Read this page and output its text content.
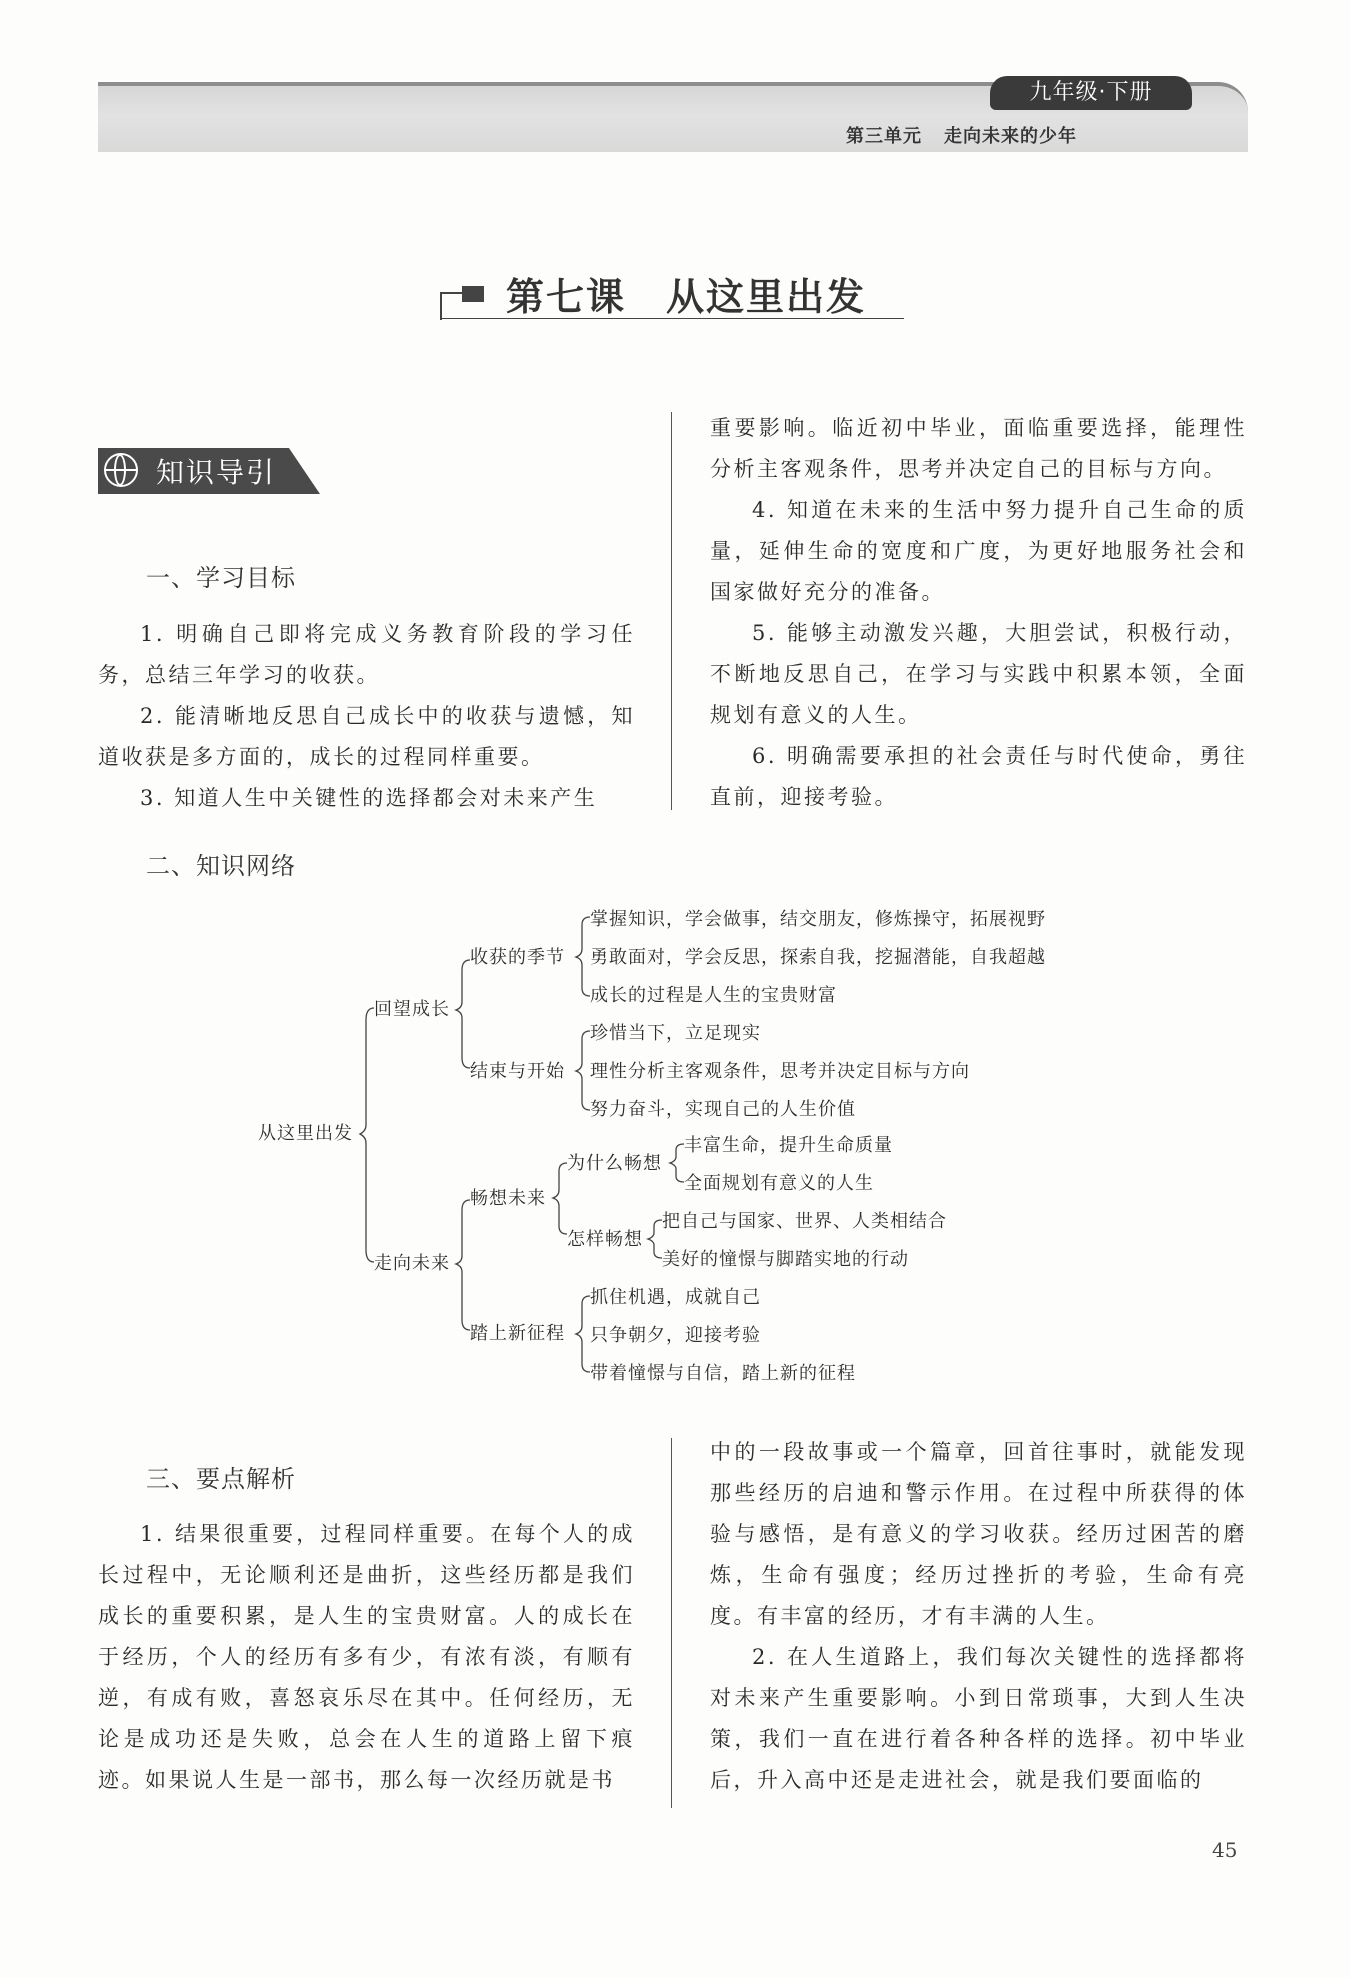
九年级·下册
第三单元 走向未来的少年
第七课　从这里出发
知识导引
一、学习目标

1. 明确自己即将完成义务教育阶段的学习任务，总结三年学习的收获。

2. 能清晰地反思自己成长中的收获与遗憾，知道收获是多方面的，成长的过程同样重要。

3. 知道人生中关键性的选择都会对未来产生

重要影响。临近初中毕业，面临重要选择，能理性分析主客观条件，思考并决定自己的目标与方向。

4. 知道在未来的生活中努力提升自己生命的质量，延伸生命的宽度和广度，为更好地服务社会和国家做好充分的准备。

5. 能够主动激发兴趣，大胆尝试，积极行动，不断地反思自己，在学习与实践中积累本领，全面规划有意义的人生。

6. 明确需要承担的社会责任与时代使命，勇往直前，迎接考验。

二、知识网络
从这里出发
回望成长
收获的季节
掌握知识，学会做事，结交朋友，修炼操守，拓展视野
勇敢面对，学会反思，探索自我，挖掘潜能，自我超越
成长的过程是人生的宝贵财富
结束与开始
珍惜当下，立足现实
理性分析主客观条件，思考并决定目标与方向
努力奋斗，实现自己的人生价值
走向未来
畅想未来
为什么畅想
丰富生命，提升生命质量
全面规划有意义的人生
怎样畅想
把自己与国家、世界、人类相结合
美好的憧憬与脚踏实地的行动
踏上新征程
抓住机遇，成就自己
只争朝夕，迎接考验
带着憧憬与自信，踏上新的征程
三、要点解析

1. 结果很重要，过程同样重要。在每个人的成长过程中，无论顺利还是曲折，这些经历都是我们成长的重要积累，是人生的宝贵财富。人的成长在于经历，个人的经历有多有少，有浓有淡，有顺有逆，有成有败，喜怒哀乐尽在其中。任何经历，无论是成功还是失败，总会在人生的道路上留下痕迹。如果说人生是一部书，那么每一次经历就是书

中的一段故事或一个篇章，回首往事时，就能发现那些经历的启迪和警示作用。在过程中所获得的体验与感悟，是有意义的学习收获。经历过困苦的磨炼，生命有强度；经历过挫折的考验，生命有亮度。有丰富的经历，才有丰满的人生。

2. 在人生道路上，我们每次关键性的选择都将对未来产生重要影响。小到日常琐事，大到人生决策，我们一直在进行着各种各样的选择。初中毕业后，升入高中还是走进社会，就是我们要面临的

45
